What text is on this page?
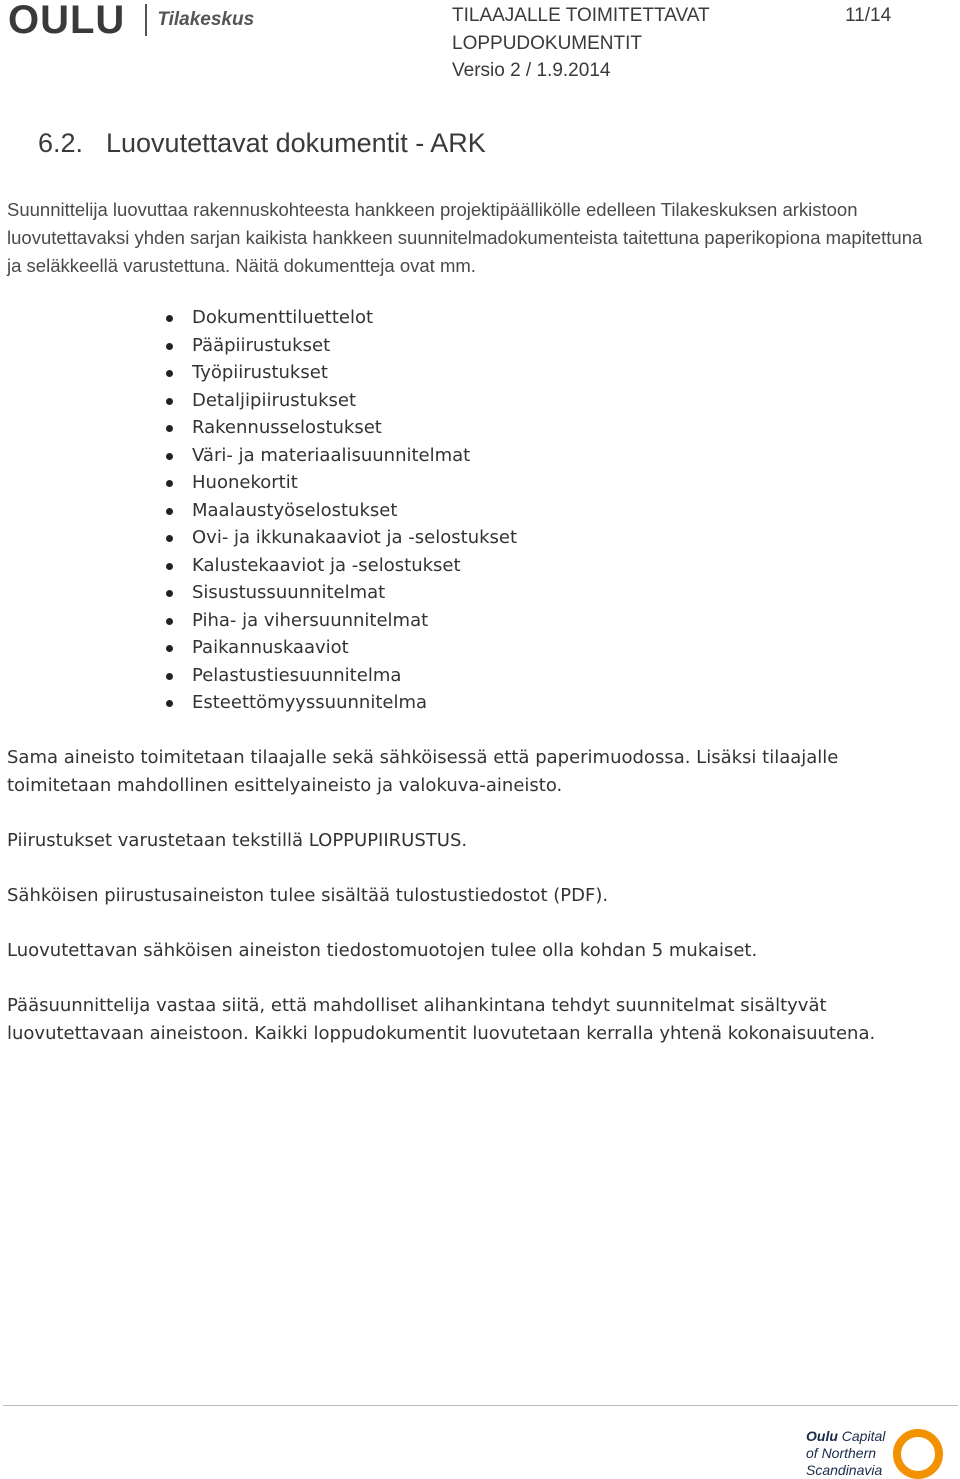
OULU Tilakeskus	TILAAJALLE TOIMITETTAVAT
LOPPUDOKUMENTIT
Versio 2 / 1.9.2014
11/14
6.2. Luovutettavat dokumentit - ARK
Suunnittelija luovuttaa rakennuskohteesta hankkeen projektipäällikölle edelleen Tilakeskuksen arkistoon luovutettavaksi yhden sarjan kaikista hankkeen suunnitelmadokumenteista taitettuna paperikopiona mapitettuna ja seläkkeellä varustettuna. Näitä dokumentteja ovat mm.
Dokumenttiluettelot
Pääpiirustukset
Työpiirustukset
Detaljipiirustukset
Rakennusselostukset
Väri- ja materiaalisuunnitelmat
Huonekortit
Maalaustyöselostukset
Ovi- ja ikkunakaaviot ja -selostukset
Kalustekaaviot ja -selostukset
Sisustussuunnitelmat
Piha- ja vihersuunnitelmat
Paikannuskaaviot
Pelastustiesuunnitelma
Esteettömyyssuunnitelma
Sama aineisto toimitetaan tilaajalle sekä sähköisessä että paperimuodossa. Lisäksi tilaajalle toimitetaan mahdollinen esittelyaineisto ja valokuva-aineisto.
Piirustukset varustetaan tekstillä LOPPUPIIRUSTUS.
Sähköisen piirustusaineiston tulee sisältää tulostustiedostot (PDF).
Luovutettavan sähköisen aineiston tiedostomuotojen tulee olla kohdan 5 mukaiset.
Pääsuunnittelija vastaa siitä, että mahdolliset alihankintana tehdyt suunnitelmat sisältyvät luovutettavaan aineistoon. Kaikki loppudokumentit luovutetaan kerralla yhtenä kokonaisuutena.
Oulu Capital
of Northern
Scandinavia
